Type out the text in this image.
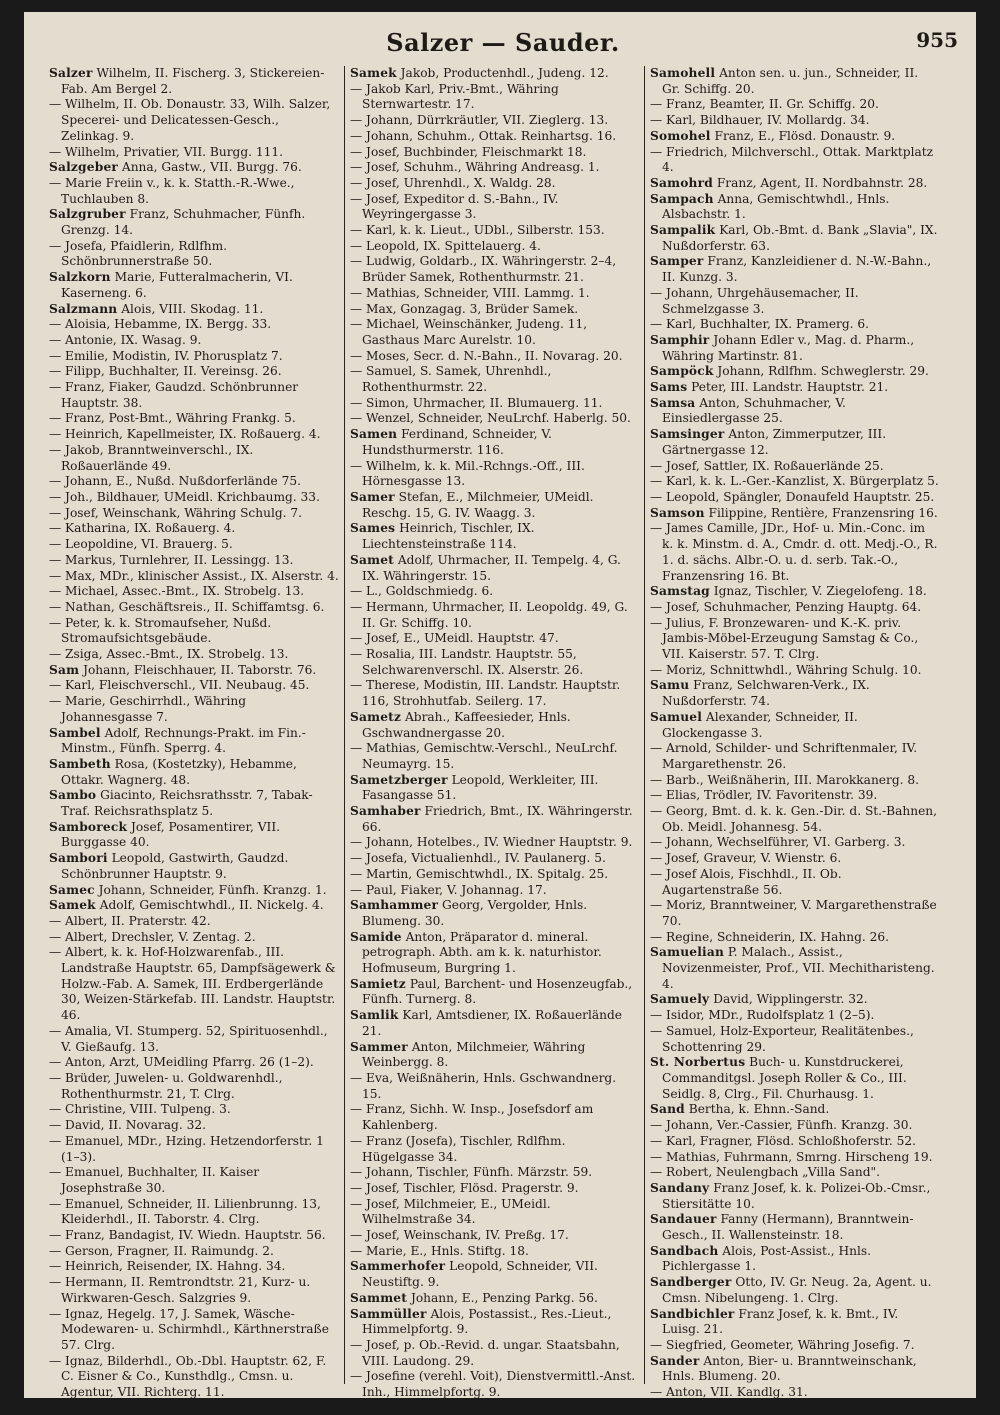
Salzer — Sauder.	955

Salzer Wilhelm, II. Fischerg. 3, Stickereien-Fab. Am Bergel 2.

— Wilhelm, II. Ob. Donaustr. 33, Wilh. Salzer, Specerei- und Delicatessen-Gesch., Zelinkag. 9.

— Wilhelm, Privatier, VII. Burgg. 111.

Salzgeber Anna, Gastw., VII. Burgg. 76.

— Marie Freiin v., k. k. Statth.-R.-Wwe., Tuchlauben 8.

Salzgruber Franz, Schuhmacher, Fünfh. Grenzg. 14.

— Josefa, Pfaidlerin, Rdlfhm. Schönbrunnerstraße 50.

Salzkorn Marie, Futteralmacherin, VI. Kaserneng. 6.

Salzmann Alois, VIII. Skodag. 11.

— Aloisia, Hebamme, IX. Bergg. 33.

— Antonie, IX. Wasag. 9.

— Emilie, Modistin, IV. Phorusplatz 7.

— Filipp, Buchhalter, II. Vereinsg. 26.

— Franz, Fiaker, Gaudzd. Schönbrunner Hauptstr. 38.

— Franz, Post-Bmt., Währing Frankg. 5.

— Heinrich, Kapellmeister, IX. Roßauerg. 4.

— Jakob, Branntweinverschl., IX. Roßauerlände 49.

— Johann, E., Nußd. Nußdorferlände 75.

— Joh., Bildhauer, UMeidl. Krichbaumg. 33.

— Josef, Weinschank, Währing Schulg. 7.

— Katharina, IX. Roßauerg. 4.

— Leopoldine, VI. Brauerg. 5.

— Markus, Turnlehrer, II. Lessingg. 13.

— Max, MDr., klinischer Assist., IX. Alserstr. 4.

— Michael, Assec.-Bmt., IX. Strobelg. 13.

— Nathan, Geschäftsreis., II. Schiffamtsg. 6.

— Peter, k. k. Stromaufseher, Nußd. Stromaufsichtsgebäude.

— Zsiga, Assec.-Bmt., IX. Strobelg. 13.

Sam Johann, Fleischhauer, II. Taborstr. 76.

— Karl, Fleischverschl., VII. Neubaug. 45.

— Marie, Geschirrhdl., Währing Johannesgasse 7.

Sambel Adolf, Rechnungs-Prakt. im Fin.-Minstm., Fünfh. Sperrg. 4.

Sambeth Rosa, (Kostetzky), Hebamme, Ottakr. Wagnerg. 48.

Sambo Giacinto, Reichsrathsstr. 7, Tabak-Traf. Reichsrathsplatz 5.

Samboreck Josef, Posamentirer, VII. Burggasse 40.

Sambori Leopold, Gastwirth, Gaudzd. Schönbrunner Hauptstr. 9.

Samec Johann, Schneider, Fünfh. Kranzg. 1.

Samek Adolf, Gemischtwhdl., II. Nickelg. 4.

— Albert, II. Praterstr. 42.

— Albert, Drechsler, V. Zentag. 2.

— Albert, k. k. Hof-Holzwarenfab., III. Landstraße Hauptstr. 65, Dampfsägewerk & Holzw.-Fab. A. Samek, III. Erdbergerlände 30, Weizen-Stärkefab. III. Landstr. Hauptstr. 46.

— Amalia, VI. Stumperg. 52, Spirituosenhdl., V. Gießaufg. 13.

— Anton, Arzt, UMeidling Pfarrg. 26 (1–2).

— Brüder, Juwelen- u. Goldwarenhdl., Rothenthurmstr. 21, T. Clrg.

— Christine, VIII. Tulpeng. 3.

— David, II. Novarag. 32.

— Emanuel, MDr., Hzing. Hetzendorferstr. 1 (1–3).

— Emanuel, Buchhalter, II. Kaiser Josephstraße 30.

— Emanuel, Schneider, II. Lilienbrunng. 13, Kleiderhdl., II. Taborstr. 4. Clrg.

— Franz, Bandagist, IV. Wiedn. Hauptstr. 56.

— Gerson, Fragner, II. Raimundg. 2.

— Heinrich, Reisender, IX. Hahng. 34.

— Hermann, II. Remtrondtstr. 21, Kurz- u. Wirkwaren-Gesch. Salzgries 9.

— Ignaz, Hegelg. 17, J. Samek, Wäsche-Modewaren- u. Schirmhdl., Kärthnerstraße 57. Clrg.

— Ignaz, Bilderhdl., Ob.-Dbl. Hauptstr. 62, F. C. Eisner & Co., Kunsthdlg., Cmsn. u. Agentur, VII. Richterg. 11.

Samek Jakob, Productenhdl., Judeng. 12.

— Jakob Karl, Priv.-Bmt., Währing Sternwartestr. 17.

— Johann, Dürrkräutler, VII. Zieglerg. 13.

— Johann, Schuhm., Ottak. Reinhartsg. 16.

— Josef, Buchbinder, Fleischmarkt 18.

— Josef, Schuhm., Währing Andreasg. 1.

— Josef, Uhrenhdl., X. Waldg. 28.

— Josef, Expeditor d. S.-Bahn., IV. Weyringergasse 3.

— Karl, k. k. Lieut., UDbl., Silberstr. 153.

— Leopold, IX. Spittelauerg. 4.

— Ludwig, Goldarb., IX. Währingerstr. 2–4, Brüder Samek, Rothenthurmstr. 21.

— Mathias, Schneider, VIII. Lammg. 1.

— Max, Gonzagag. 3, Brüder Samek.

— Michael, Weinschänker, Judeng. 11, Gasthaus Marc Aurelstr. 10.

— Moses, Secr. d. N.-Bahn., II. Novarag. 20.

— Samuel, S. Samek, Uhrenhdl., Rothenthurmstr. 22.

— Simon, Uhrmacher, II. Blumauerg. 11.

— Wenzel, Schneider, NeuLrchf. Haberlg. 50.

Samen Ferdinand, Schneider, V. Hundsthurmerstr. 116.

— Wilhelm, k. k. Mil.-Rchngs.-Off., III. Hörnesgasse 13.

Samer Stefan, E., Milchmeier, UMeidl. Reschg. 15, G. IV. Waagg. 3.

Sames Heinrich, Tischler, IX. Liechtensteinstraße 114.

Samet Adolf, Uhrmacher, II. Tempelg. 4, G. IX. Währingerstr. 15.

— L., Goldschmiedg. 6.

— Hermann, Uhrmacher, II. Leopoldg. 49, G. II. Gr. Schiffg. 10.

— Josef, E., UMeidl. Hauptstr. 47.

— Rosalia, III. Landstr. Hauptstr. 55, Selchwarenverschl. IX. Alserstr. 26.

— Therese, Modistin, III. Landstr. Hauptstr. 116, Strohhutfab. Seilerg. 17.

Sametz Abrah., Kaffeesieder, Hnls. Gschwandnergasse 20.

— Mathias, Gemischtw.-Verschl., NeuLrchf. Neumayrg. 15.

Sametzberger Leopold, Werkleiter, III. Fasangasse 51.

Samhaber Friedrich, Bmt., IX. Währingerstr. 66.

— Johann, Hotelbes., IV. Wiedner Hauptstr. 9.

— Josefa, Victualienhdl., IV. Paulanerg. 5.

— Martin, Gemischtwhdl., IX. Spitalg. 25.

— Paul, Fiaker, V. Johannag. 17.

Samhammer Georg, Vergolder, Hnls. Blumeng. 30.

Samide Anton, Präparator d. mineral. petrograph. Abth. am k. k. naturhistor. Hofmuseum, Burgring 1.

Samietz Paul, Barchent- und Hosenzeugfab., Fünfh. Turnerg. 8.

Samlik Karl, Amtsdiener, IX. Roßauerlände 21.

Sammer Anton, Milchmeier, Währing Weinbergg. 8.

— Eva, Weißnäherin, Hnls. Gschwandnerg. 15.

— Franz, Sichh. W. Insp., Josefsdorf am Kahlenberg.

— Franz (Josefa), Tischler, Rdlfhm. Hügelgasse 34.

— Johann, Tischler, Fünfh. Märzstr. 59.

— Josef, Tischler, Flösd. Pragerstr. 9.

— Josef, Milchmeier, E., UMeidl. Wilhelmstraße 34.

— Josef, Weinschank, IV. Preßg. 17.

— Marie, E., Hnls. Stiftg. 18.

Sammerhofer Leopold, Schneider, VII. Neustiftg. 9.

Sammet Johann, E., Penzing Parkg. 56.

Sammüller Alois, Postassist., Res.-Lieut., Himmelpfortg. 9.

— Josef, p. Ob.-Revid. d. ungar. Staatsbahn, VIII. Laudong. 29.

— Josefine (verehl. Voit), Dienstvermittl.-Anst. Inh., Himmelpfortg. 9.

Samohell Anton sen. u. jun., Schneider, II. Gr. Schiffg. 20.

— Franz, Beamter, II. Gr. Schiffg. 20.

— Karl, Bildhauer, IV. Mollardg. 34.

Somohel Franz, E., Flösd. Donaustr. 9.

— Friedrich, Milchverschl., Ottak. Marktplatz 4.

Samohrd Franz, Agent, II. Nordbahnstr. 28.

Sampach Anna, Gemischtwhdl., Hnls. Alsbachstr. 1.

Sampalik Karl, Ob.-Bmt. d. Bank „Slavia", IX. Nußdorferstr. 63.

Samper Franz, Kanzleidiener d. N.-W.-Bahn., II. Kunzg. 3.

— Johann, Uhrgehäusemacher, II. Schmelzgasse 3.

— Karl, Buchhalter, IX. Pramerg. 6.

Samphir Johann Edler v., Mag. d. Pharm., Währing Martinstr. 81.

Sampöck Johann, Rdlfhm. Schweglerstr. 29.

Sams Peter, III. Landstr. Hauptstr. 21.

Samsa Anton, Schuhmacher, V. Einsiedlergasse 25.

Samsinger Anton, Zimmerputzer, III. Gärtnergasse 12.

— Josef, Sattler, IX. Roßauerlände 25.

— Karl, k. k. L.-Ger.-Kanzlist, X. Bürgerplatz 5.

— Leopold, Spängler, Donaufeld Hauptstr. 25.

Samson Filippine, Rentière, Franzensring 16.

— James Camille, JDr., Hof- u. Min.-Conc. im k. k. Minstm. d. A., Cmdr. d. ott. Medj.-O., R. 1. d. sächs. Albr.-O. u. d. serb. Tak.-O., Franzensring 16. Bt.

Samstag Ignaz, Tischler, V. Ziegelofeng. 18.

— Josef, Schuhmacher, Penzing Hauptg. 64.

— Julius, F. Bronzewaren- und K.-K. priv. Jambis-Möbel-Erzeugung Samstag & Co., VII. Kaiserstr. 57. T. Clrg.

— Moriz, Schnittwhdl., Währing Schulg. 10.

Samu Franz, Selchwaren-Verk., IX. Nußdorferstr. 74.

Samuel Alexander, Schneider, II. Glockengasse 3.

— Arnold, Schilder- und Schriftenmaler, IV. Margarethenstr. 26.

— Barb., Weißnäherin, III. Marokkanerg. 8.

— Elias, Trödler, IV. Favoritenstr. 39.

— Georg, Bmt. d. k. k. Gen.-Dir. d. St.-Bahnen, Ob. Meidl. Johannesg. 54.

— Johann, Wechselführer, VI. Garberg. 3.

— Josef, Graveur, V. Wienstr. 6.

— Josef Alois, Fischhdl., II. Ob. Augartenstraße 56.

— Moriz, Branntweiner, V. Margarethenstraße 70.

— Regine, Schneiderin, IX. Hahng. 26.

Samuelian P. Malach., Assist., Novizenmeister, Prof., VII. Mechitharisteng. 4.

Samuely David, Wipplingerstr. 32.

— Isidor, MDr., Rudolfsplatz 1 (2–5).

— Samuel, Holz-Exporteur, Realitätenbes., Schottenring 29.

St. Norbertus Buch- u. Kunstdruckerei, Commanditgsl. Joseph Roller & Co., III. Seidlg. 8, Clrg., Fil. Churhausg. 1.

Sand Bertha, k. Ehnn.-Sand.

— Johann, Ver.-Cassier, Fünfh. Kranzg. 30.

— Karl, Fragner, Flösd. Schloßhoferstr. 52.

— Mathias, Fuhrmann, Smrng. Hirscheng 19.

— Robert, Neulengbach „Villa Sand".

Sandany Franz Josef, k. k. Polizei-Ob.-Cmsr., Stiersitätte 10.

Sandauer Fanny (Hermann), Branntwein-Gesch., II. Wallensteinstr. 18.

Sandbach Alois, Post-Assist., Hnls. Pichlergasse 1.

Sandberger Otto, IV. Gr. Neug. 2a, Agent. u. Cmsn. Nibelungeng. 1. Clrg.

Sandbichler Franz Josef, k. k. Bmt., IV. Luisg. 21.

— Siegfried, Geometer, Währing Josefig. 7.

Sander Anton, Bier- u. Branntweinschank, Hnls. Blumeng. 20.

— Anton, VII. Kandlg. 31.
